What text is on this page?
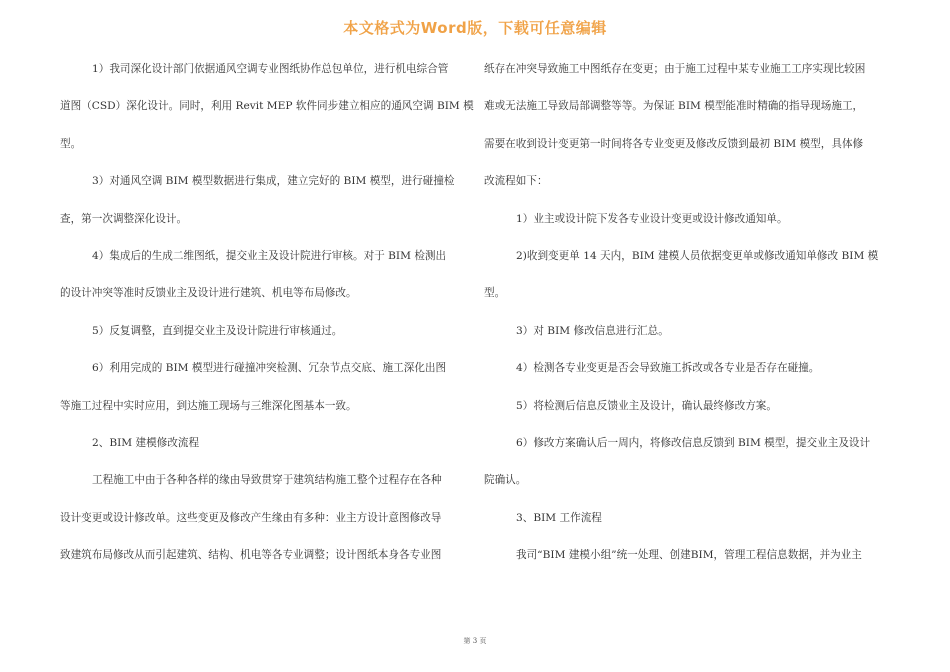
本文格式为Word版，下载可任意编辑
1）我司深化设计部门依据通风空调专业图纸协作总包单位，进行机电综合管
道图（CSD）深化设计。同时，利用 Revit MEP 软件同步建立相应的通风空调 BIM 模
型。
3）对通风空调 BIM 模型数据进行集成，建立完好的 BIM 模型，进行碰撞检
查，第一次调整深化设计。
4）集成后的生成二维图纸，提交业主及设计院进行审核。对于 BIM 检测出
的设计冲突等准时反馈业主及设计进行建筑、机电等布局修改。
5）反复调整，直到提交业主及设计院进行审核通过。
6）利用完成的 BIM 模型进行碰撞冲突检测、冗杂节点交底、施工深化出图
等施工过程中实时应用，到达施工现场与三维深化图基本一致。
2、BIM 建模修改流程
工程施工中由于各种各样的缘由导致贯穿于建筑结构施工整个过程存在各种
设计变更或设计修改单。这些变更及修改产生缘由有多种：业主方设计意图修改导
致建筑布局修改从而引起建筑、结构、机电等各专业调整；设计图纸本身各专业图
纸存在冲突导致施工中图纸存在变更；由于施工过程中某专业施工工序实现比较困
难或无法施工导致局部调整等等。为保证 BIM 模型能准时精确的指导现场施工，
需要在收到设计变更第一时间将各专业变更及修改反馈到最初 BIM 模型，具体修
改流程如下：
1）业主或设计院下发各专业设计变更或设计修改通知单。
2)收到变更单 14 天内，BIM 建模人员依据变更单或修改通知单修改 BIM 模
型。
3）对 BIM 修改信息进行汇总。
4）检测各专业变更是否会导致施工拆改或各专业是否存在碰撞。
5）将检测后信息反馈业主及设计，确认最终修改方案。
6）修改方案确认后一周内，将修改信息反馈到 BIM 模型，提交业主及设计
院确认。
3、BIM 工作流程
我司“BIM 建模小组”统一处理、创建BIM，管理工程信息数据，并为业主
第 3 页
